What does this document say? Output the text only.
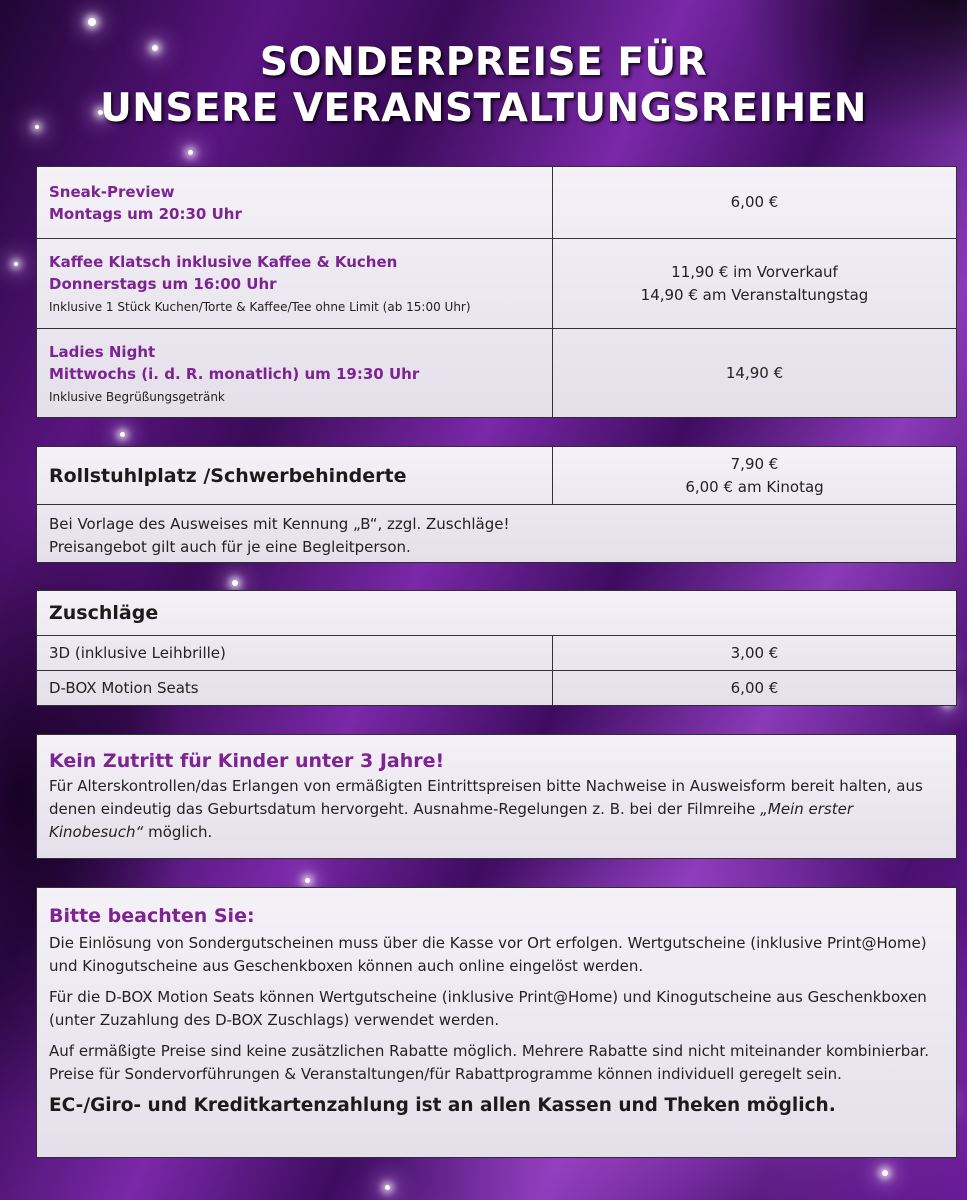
SONDERPREISE FÜR
UNSERE VERANSTALTUNGSREIHEN
Sneak-Preview
Montags um 20:30 Uhr
6,00 €
Kaffee Klatsch inklusive Kaffee & Kuchen
Donnerstags um 16:00 Uhr
Inklusive 1 Stück Kuchen/Torte & Kaffee/Tee ohne Limit (ab 15:00 Uhr)
11,90 € im Vorverkauf
14,90 € am Veranstaltungstag
Ladies Night
Mittwochs (i. d. R. monatlich) um 19:30 Uhr
Inklusive Begrüßungsgetränk
14,90 €
Rollstuhlplatz /Schwerbehinderte
7,90 €
6,00 € am Kinotag
Bei Vorlage des Ausweises mit Kennung „B“, zzgl. Zuschläge!
Preisangebot gilt auch für je eine Begleitperson.
Zuschläge
3D (inklusive Leihbrille)	3,00 €
D-BOX Motion Seats	6,00 €
Kein Zutritt für Kinder unter 3 Jahre!
Für Alterskontrollen/das Erlangen von ermäßigten Eintrittspreisen bitte Nachweise in Ausweisform bereit halten, aus denen eindeutig das Geburtsdatum hervorgeht. Ausnahme-Regelungen z. B. bei der Filmreihe „Mein erster Kinobesuch“ möglich.
Bitte beachten Sie:
Die Einlösung von Sondergutscheinen muss über die Kasse vor Ort erfolgen. Wertgutscheine (inklusive Print@Home) und Kinogutscheine aus Geschenkboxen können auch online eingelöst werden.
Für die D-BOX Motion Seats können Wertgutscheine (inklusive Print@Home) und Kinogutscheine aus Geschenkboxen (unter Zuzahlung des D-BOX Zuschlags) verwendet werden.
Auf ermäßigte Preise sind keine zusätzlichen Rabatte möglich. Mehrere Rabatte sind nicht miteinander kombinierbar. Preise für Sondervorführungen & Veranstaltungen/für Rabattprogramme können individuell geregelt sein.
EC-/Giro- und Kreditkartenzahlung ist an allen Kassen und Theken möglich.
